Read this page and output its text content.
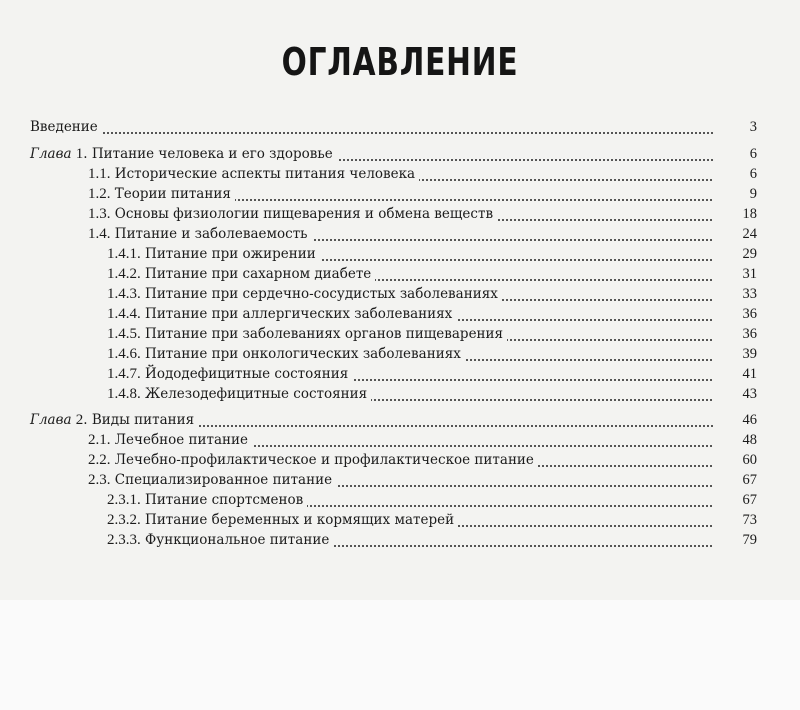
ОГЛАВЛЕНИЕ
Введение	3
Глава 1. Питание человека и его здоровье	6
1.1. Исторические аспекты питания человека	6
1.2. Теории питания	9
1.3. Основы физиологии пищеварения и обмена веществ	18
1.4. Питание и заболеваемость	24
1.4.1. Питание при ожирении	29
1.4.2. Питание при сахарном диабете	31
1.4.3. Питание при сердечно-сосудистых заболеваниях	33
1.4.4. Питание при аллергических заболеваниях	36
1.4.5. Питание при заболеваниях органов пищеварения	36
1.4.6. Питание при онкологических заболеваниях	39
1.4.7. Йододефицитные состояния	41
1.4.8. Железодефицитные состояния	43
Глава 2. Виды питания	46
2.1. Лечебное питание	48
2.2. Лечебно-профилактическое и профилактическое питание	60
2.3. Специализированное питание	67
2.3.1. Питание спортсменов	67
2.3.2. Питание беременных и кормящих матерей	73
2.3.3. Функциональное питание	79
